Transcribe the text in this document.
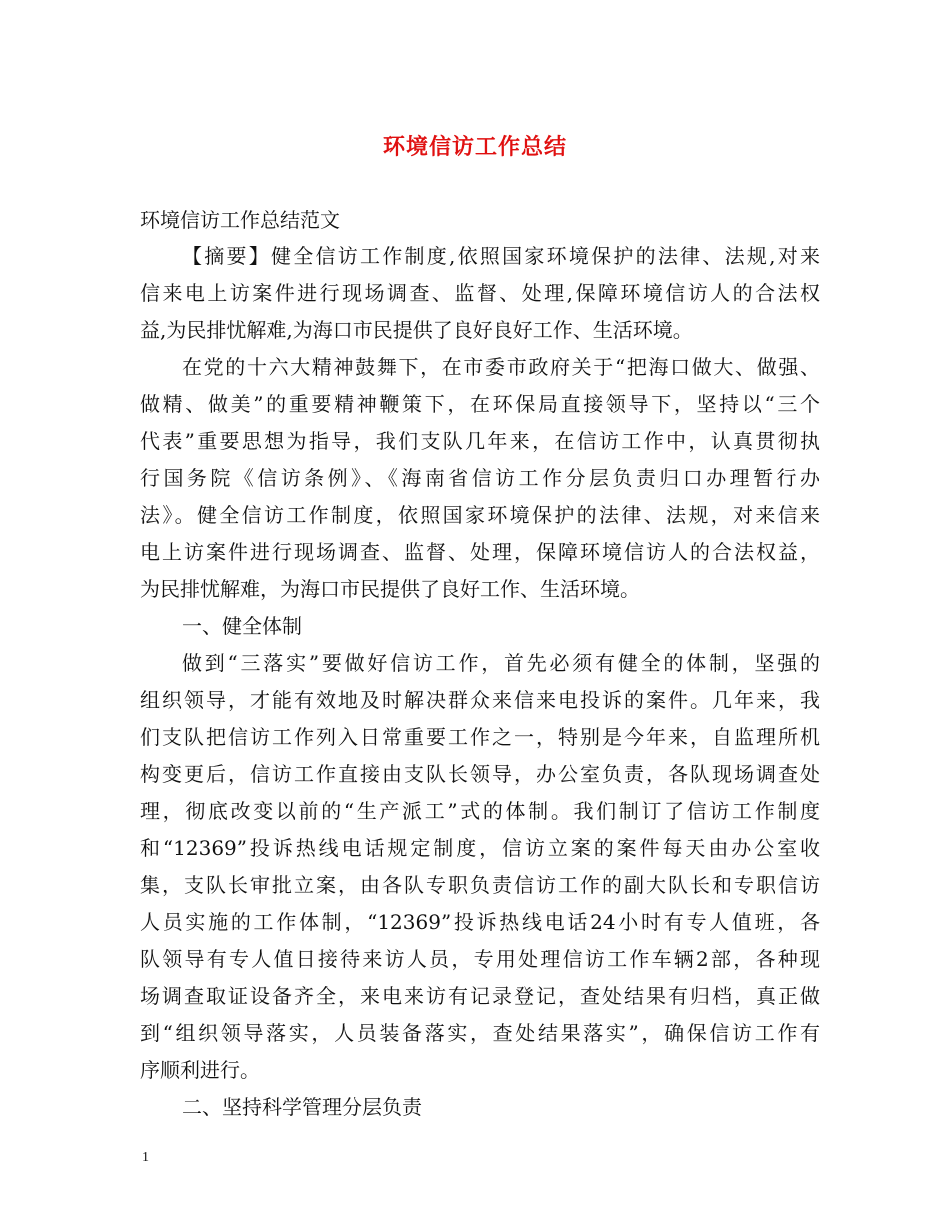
环境信访工作总结
环境信访工作总结范文
【摘要】健全信访工作制度,依照国家环境保护的法律、法规,对来
信来电上访案件进行现场调查、监督、处理,保障环境信访人的合法权
益,为民排忧解难,为海口市民提供了良好良好工作、生活环境。
在党的十六大精神鼓舞下，在市委市政府关于“把海口做大、做强、
做精、做美”的重要精神鞭策下，在环保局直接领导下，坚持以“三个
代表”重要思想为指导，我们支队几年来，在信访工作中，认真贯彻执
行国务院《信访条例》、《海南省信访工作分层负责归口办理暂行办
法》。健全信访工作制度，依照国家环境保护的法律、法规，对来信来
电上访案件进行现场调查、监督、处理，保障环境信访人的合法权益，
为民排忧解难，为海口市民提供了良好工作、生活环境。
一、健全体制
做到“三落实”要做好信访工作，首先必须有健全的体制，坚强的
组织领导，才能有效地及时解决群众来信来电投诉的案件。几年来，我
们支队把信访工作列入日常重要工作之一，特别是今年来，自监理所机
构变更后，信访工作直接由支队长领导，办公室负责，各队现场调查处
理，彻底改变以前的“生产派工”式的体制。我们制订了信访工作制度
和“12369”投诉热线电话规定制度，信访立案的案件每天由办公室收
集，支队长审批立案，由各队专职负责信访工作的副大队长和专职信访
人员实施的工作体制，“12369”投诉热线电话24小时有专人值班，各
队领导有专人值日接待来访人员，专用处理信访工作车辆2部，各种现
场调查取证设备齐全，来电来访有记录登记，查处结果有归档，真正做
到“组织领导落实，人员装备落实，查处结果落实”，确保信访工作有
序顺利进行。
二、坚持科学管理分层负责
1
